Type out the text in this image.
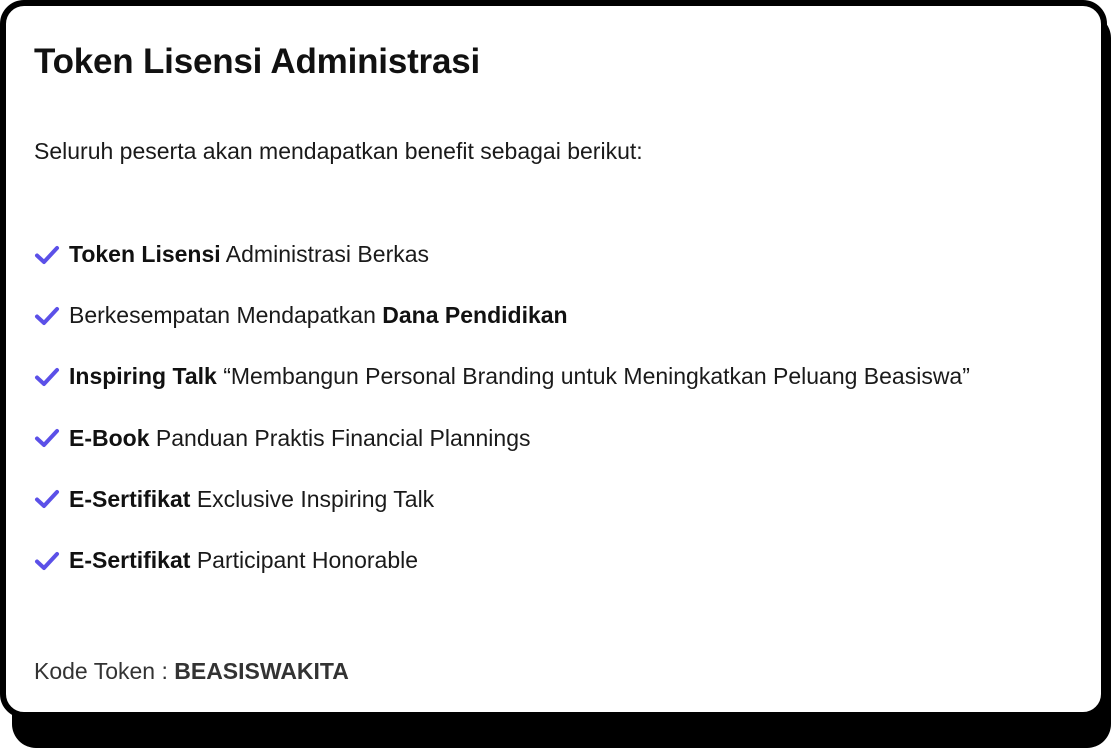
Token Lisensi Administrasi

Seluruh peserta akan mendapatkan benefit sebagai berikut:

Token Lisensi Administrasi Berkas
Berkesempatan Mendapatkan Dana Pendidikan
Inspiring Talk “Membangun Personal Branding untuk Meningkatkan Peluang Beasiswa”
E-Book Panduan Praktis Financial Plannings
E-Sertifikat Exclusive Inspiring Talk
E-Sertifikat Participant Honorable

Kode Token : BEASISWAKITA
